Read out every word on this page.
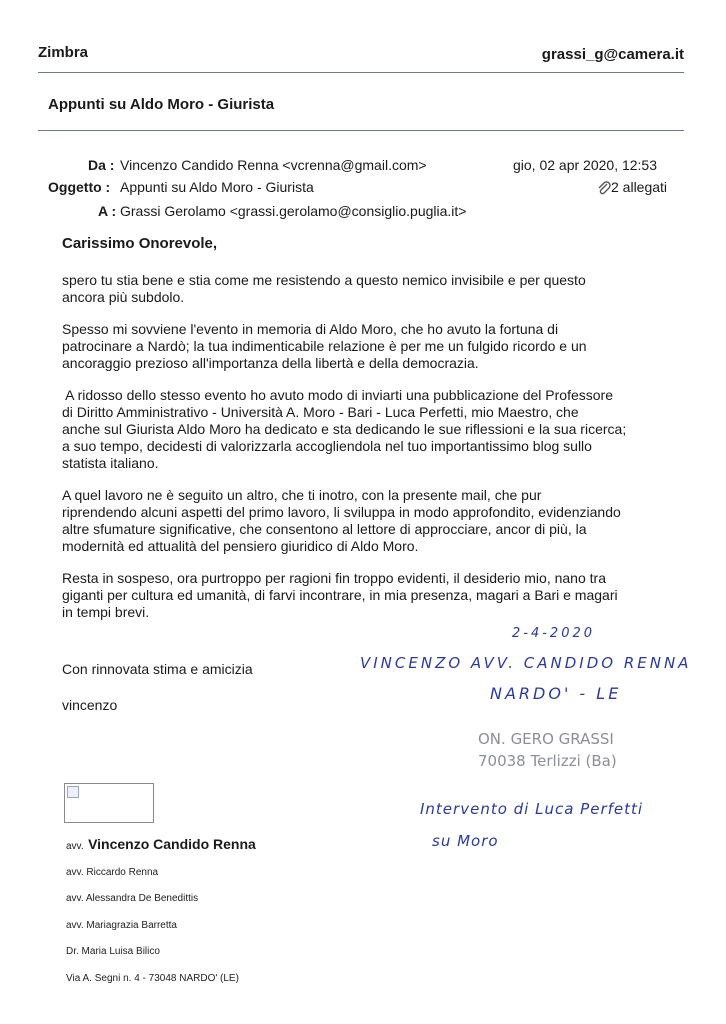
Zimbra	grassi_g@camera.it
Appunti su Aldo Moro - Giurista
Da : Vincenzo Candido Renna <vcrenna@gmail.com>	gio, 02 apr 2020, 12:53
Oggetto : Appunti su Aldo Moro - Giurista	2 allegati
A : Grassi Gerolamo <grassi.gerolamo@consiglio.puglia.it>

Carissimo Onorevole,

spero tu stia bene e stia come me resistendo a questo nemico invisibile e per questo
ancora più subdolo.

Spesso mi sovviene l'evento in memoria di Aldo Moro, che ho avuto la fortuna di
patrocinare a Nardò; la tua indimenticabile relazione è per me un fulgido ricordo e un
ancoraggio prezioso all'importanza della libertà e della democrazia.

A ridosso dello stesso evento ho avuto modo di inviarti una pubblicazione del Professore
di Diritto Amministrativo - Università A. Moro - Bari - Luca Perfetti, mio Maestro, che
anche sul Giurista Aldo Moro ha dedicato e sta dedicando le sue riflessioni e la sua ricerca;
a suo tempo, decidesti di valorizzarla accogliendola nel tuo importantissimo blog sullo
statista italiano.

A quel lavoro ne è seguito un altro, che ti inotro, con la presente mail, che pur
riprendendo alcuni aspetti del primo lavoro, li sviluppa in modo approfondito, evidenziando
altre sfumature significative, che consentono al lettore di approcciare, ancor di più, la
modernità ed attualità del pensiero giuridico di Aldo Moro.

Resta in sospeso, ora purtroppo per ragioni fin troppo evidenti, il desiderio mio, nano tra
giganti per cultura ed umanità, di farvi incontrare, in mia presenza, magari a Bari e magari
in tempi brevi.

Con rinnovata stima e amicizia
vincenzo
2-4-2020
VINCENZO AVV. CANDIDO RENNA
NARDO' - LE
ON. GERO GRASSI
70038 Terlizzi (Ba)
Intervento di Luca Perfetti
su Moro
avv. Vincenzo Candido Renna
avv. Riccardo Renna
avv. Alessandra De Benedittis
avv. Mariagrazia Barretta
Dr. Maria Luisa Bilico
Via A. Segni n. 4 - 73048 NARDO' (LE)
